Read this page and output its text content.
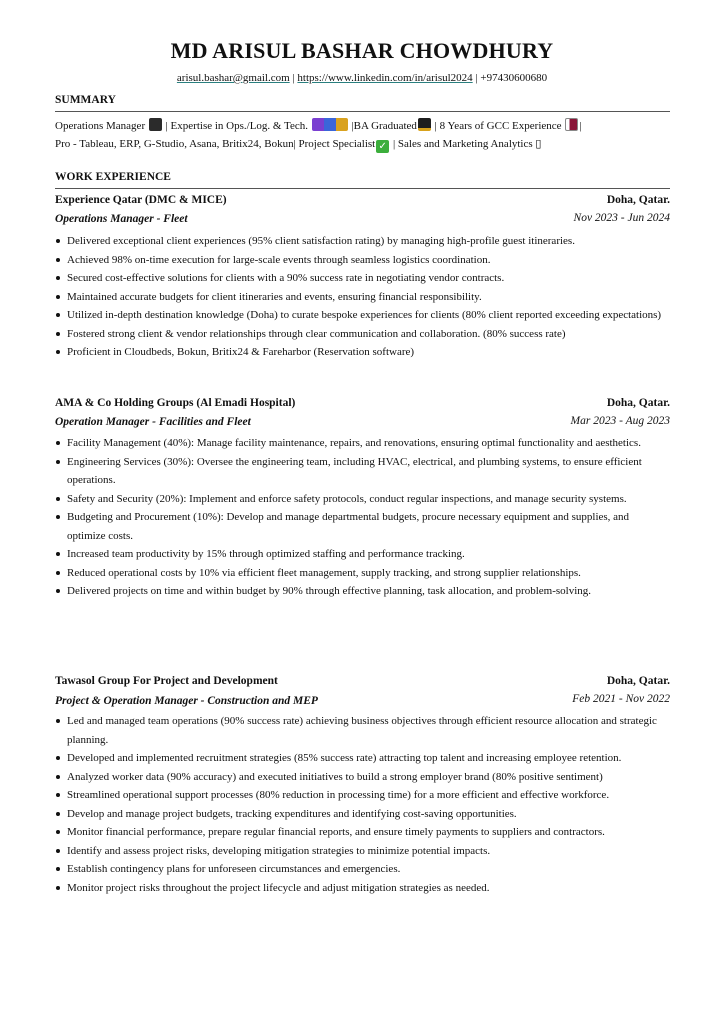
MD ARISUL BASHAR CHOWDHURY
arisul.bashar@gmail.com | https://www.linkedin.com/in/arisul2024 | +97430600680
SUMMARY
Operations Manager  | Expertise in Ops./Log. & Tech.	|BA Graduated | 8 Years of GCC Experience |
Pro - Tableau, ERP, G-Studio, Asana, Britix24, Bokun| Project Specialist ✓ | Sales and Marketing Analytics ▯
WORK EXPERIENCE
Experience Qatar (DMC & MICE)	Doha, Qatar.
Operations Manager - Fleet	Nov 2023 - Jun 2024
Delivered exceptional client experiences (95% client satisfaction rating) by managing high-profile guest itineraries.
Achieved 98% on-time execution for large-scale events through seamless logistics coordination.
Secured cost-effective solutions for clients with a 90% success rate in negotiating vendor contracts.
Maintained accurate budgets for client itineraries and events, ensuring financial responsibility.
Utilized in-depth destination knowledge (Doha) to curate bespoke experiences for clients (80% client reported exceeding expectations)
Fostered strong client & vendor relationships through clear communication and collaboration. (80% success rate)
Proficient in Cloudbeds, Bokun, Britix24 & Fareharbor (Reservation software)
AMA & Co Holding Groups (Al Emadi Hospital)	Doha, Qatar.
Operation Manager - Facilities and Fleet	Mar 2023 - Aug 2023
Facility Management (40%): Manage facility maintenance, repairs, and renovations, ensuring optimal functionality and aesthetics.
Engineering Services (30%): Oversee the engineering team, including HVAC, electrical, and plumbing systems, to ensure efficient operations.
Safety and Security (20%): Implement and enforce safety protocols, conduct regular inspections, and manage security systems.
Budgeting and Procurement (10%): Develop and manage departmental budgets, procure necessary equipment and supplies, and optimize costs.
Increased team productivity by 15% through optimized staffing and performance tracking.
Reduced operational costs by 10% via efficient fleet management, supply tracking, and strong supplier relationships.
Delivered projects on time and within budget by 90% through effective planning, task allocation, and problem-solving.
Tawasol Group For Project and Development	Doha, Qatar.
Project & Operation Manager - Construction and MEP	Feb 2021 - Nov 2022
Led and managed team operations (90% success rate) achieving business objectives through efficient resource allocation and strategic planning.
Developed and implemented recruitment strategies (85% success rate) attracting top talent and increasing employee retention.
Analyzed worker data (90% accuracy) and executed initiatives to build a strong employer brand (80% positive sentiment)
Streamlined operational support processes (80% reduction in processing time) for a more efficient and effective workforce.
Develop and manage project budgets, tracking expenditures and identifying cost-saving opportunities.
Monitor financial performance, prepare regular financial reports, and ensure timely payments to suppliers and contractors.
Identify and assess project risks, developing mitigation strategies to minimize potential impacts.
Establish contingency plans for unforeseen circumstances and emergencies.
Monitor project risks throughout the project lifecycle and adjust mitigation strategies as needed.
